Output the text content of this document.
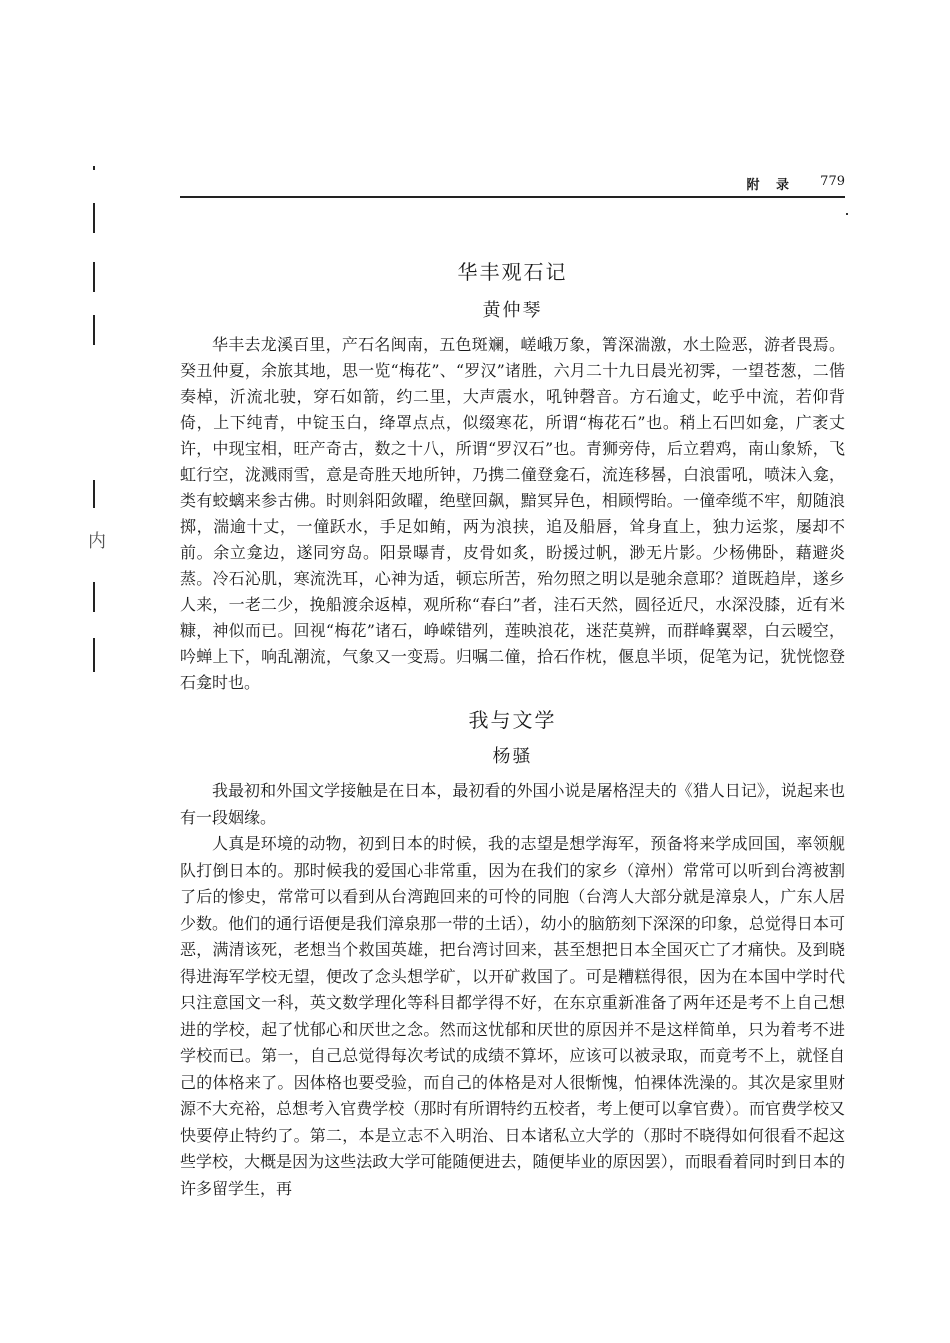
附 录 779
内
华丰观石记
黄仲琴

华丰去龙溪百里，产石名闽南，五色斑斓，嵯峨万象，箐深湍激，水土险恶，游者畏焉。癸丑仲夏，余旅其地，思一览“梅花”、“罗汉”诸胜，六月二十九日晨光初霁，一望苍葱，二偕奏棹，沂流北驶，穿石如箭，约二里，大声震水，吼钟磬音。方石逾丈，屹乎中流，若仰背倚，上下纯青，中锭玉白，绛罩点点，似缀寒花，所谓“梅花石”也。稍上石凹如龛，广袤丈许，中现宝相，旺产奇古，数之十八，所谓“罗汉石”也。青狮旁侍，后立碧鸡，南山象矫，飞虹行空，泷溅雨雪，意是奇胜天地所钟，乃携二僮登龛石，流连移晷，白浪雷吼，喷沫入龛，类有蛟螭来参古佛。时则斜阳敛曜，绝壁回飙，黯冥异色，相顾愕眙。一僮牵缆不牢，舠随浪掷，湍逾十丈，一僮跃水，手足如鲔，两为浪挟，追及船唇，耸身直上，独力运浆，屡却不前。余立龛边，遂同穷岛。阳景曝青，皮骨如炙，盼援过帆，渺无片影。少杨佛卧，藉避炎蒸。冷石沁肌，寒流洗耳，心神为适，顿忘所苦，殆勿照之明以是驰余意耶？道既趋岸，遂乡人来，一老二少，挽船渡余返棹，观所称“春臼”者，洼石天然，圆径近尺，水深没膝，近有米糠，神似而已。回视“梅花”诸石，峥嵘错列，莲映浪花，迷茫莫辨，而群峰翼翠，白云暧空，吟蝉上下，响乱潮流，气象又一变焉。归嘱二僮，拾石作枕，偃息半顷，促笔为记，犹恍惚登石龛时也。

我与文学
杨骚

我最初和外国文学接触是在日本，最初看的外国小说是屠格涅夫的《猎人日记》，说起来也有一段姻缘。

人真是环境的动物，初到日本的时候，我的志望是想学海军，预备将来学成回国，率领舰队打倒日本的。那时候我的爱国心非常重，因为在我们的家乡（漳州）常常可以听到台湾被割了后的惨史，常常可以看到从台湾跑回来的可怜的同胞（台湾人大部分就是漳泉人，广东人居少数。他们的通行语便是我们漳泉那一带的土话），幼小的脑筋刻下深深的印象，总觉得日本可恶，满清该死，老想当个救国英雄，把台湾讨回来，甚至想把日本全国灭亡了才痛快。及到晓得进海军学校无望，便改了念头想学矿，以开矿救国了。可是糟糕得很，因为在本国中学时代只注意国文一科，英文数学理化等科目都学得不好，在东京重新准备了两年还是考不上自己想进的学校，起了忧郁心和厌世之念。然而这忧郁和厌世的原因并不是这样简单，只为着考不进学校而已。第一，自己总觉得每次考试的成绩不算坏，应该可以被录取，而竟考不上，就怪自己的体格来了。因体格也要受验，而自己的体格是对人很惭愧，怕裸体洗澡的。其次是家里财源不大充裕，总想考入官费学校（那时有所谓特约五校者，考上便可以拿官费）。而官费学校又快要停止特约了。第二，本是立志不入明治、日本诸私立大学的（那时不晓得如何很看不起这些学校，大概是因为这些法政大学可能随便进去，随便毕业的原因罢），而眼看着同时到日本的许多留学生，再
